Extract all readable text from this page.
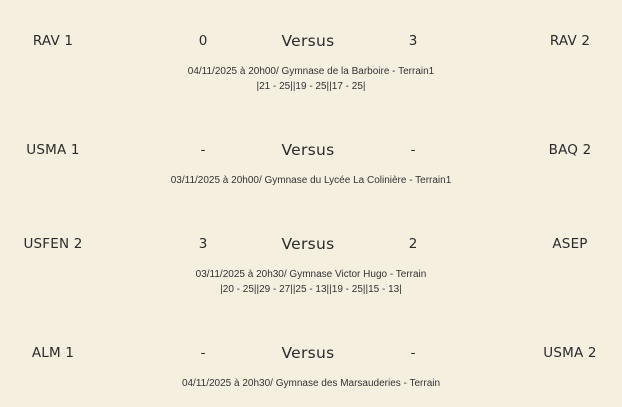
RAV 1	0	Versus	3	RAV 2
04/11/2025 à 20h00/ Gymnase de la Barboire - Terrain1
|21 - 25||19 - 25||17 - 25|
USMA 1	-	Versus	-	BAQ 2
03/11/2025 à 20h00/ Gymnase du Lycée La Colinière - Terrain1
USFEN 2	3	Versus	2	ASEP
03/11/2025 à 20h30/ Gymnase Victor Hugo - Terrain
|20 - 25||29 - 27||25 - 13||19 - 25||15 - 13|
ALM 1	-	Versus	-	USMA 2
04/11/2025 à 20h30/ Gymnase des Marsauderies - Terrain
